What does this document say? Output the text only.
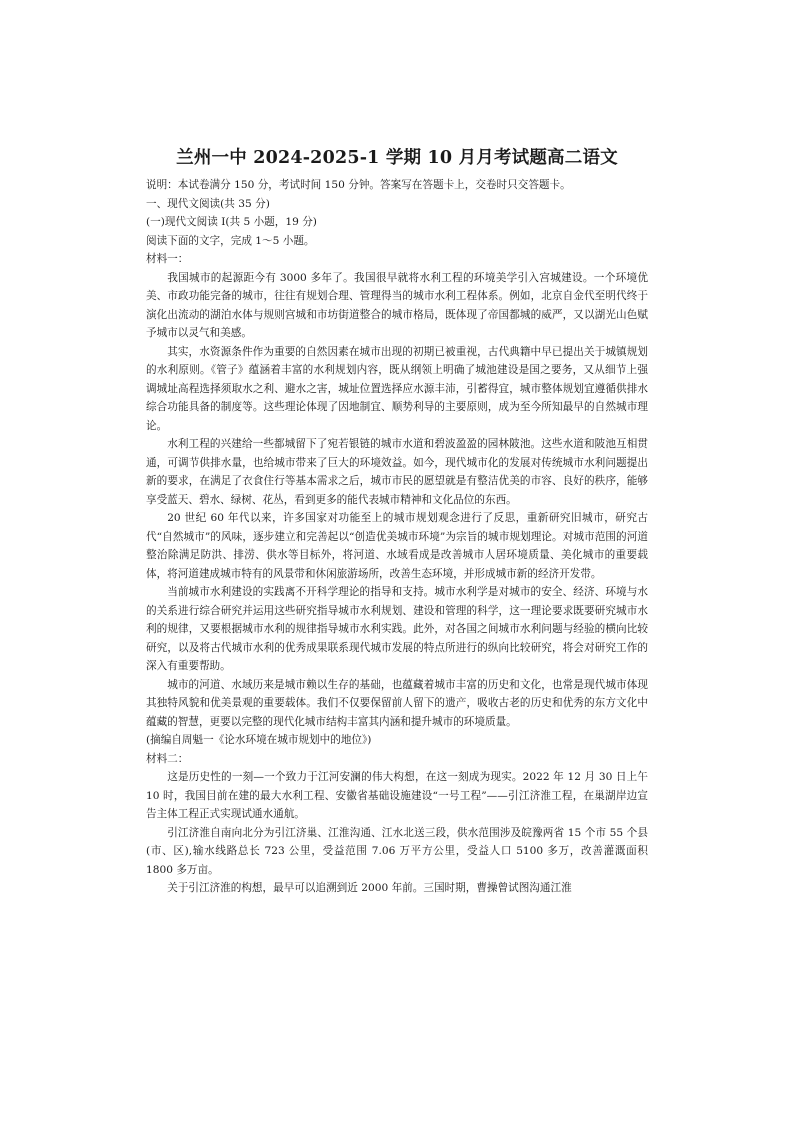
兰州一中 2024-2025-1 学期 10 月月考试题高二语文

说明：本试卷满分 150 分，考试时间 150 分钟。答案写在答题卡上，交卷时只交答题卡。

一、现代文阅读(共 35 分)

(一)现代文阅读 I(共 5 小题，19 分)

阅读下面的文字，完成 1～5 小题。

材料一：

我国城市的起源距今有 3000 多年了。我国很早就将水利工程的环境美学引入宫城建设。一个环境优美、市政功能完备的城市，往往有规划合理、管理得当的城市水利工程体系。例如，北京自金代至明代终于演化出流动的湖泊水体与规则宫城和市坊街道整合的城市格局，既体现了帝国都城的威严，又以湖光山色赋予城市以灵气和美感。

其实，水资源条件作为重要的自然因素在城市出现的初期已被重视，古代典籍中早已提出关于城镇规划的水利原则。《管子》蕴涵着丰富的水利规划内容，既从纲领上明确了城池建设是国之要务，又从细节上强调城址高程选择须取水之利、避水之害，城址位置选择应水源丰沛，引蓄得宜，城市整体规划宜遵循供排水综合功能具备的制度等。这些理论体现了因地制宜、顺势利导的主要原则，成为至今所知最早的自然城市理论。

水利工程的兴建给一些都城留下了宛若银链的城市水道和碧波盈盈的园林陂池。这些水道和陂池互相贯通，可调节供排水量，也给城市带来了巨大的环境效益。如今，现代城市化的发展对传统城市水利问题提出新的要求，在满足了衣食住行等基本需求之后，城市市民的愿望就是有整洁优美的市容、良好的秩序，能够享受蓝天、碧水、绿树、花丛，看到更多的能代表城市精神和文化品位的东西。

20 世纪 60 年代以来，许多国家对功能至上的城市规划观念进行了反思，重新研究旧城市，研究古代“自然城市”的风味，逐步建立和完善起以“创造优美城市环境”为宗旨的城市规划理论。对城市范围的河道整治除满足防洪、排涝、供水等目标外，将河道、水域看成是改善城市人居环境质量、美化城市的重要载体，将河道建成城市特有的风景带和休闲旅游场所，改善生态环境，并形成城市新的经济开发带。

当前城市水利建设的实践离不开科学理论的指导和支持。城市水利学是对城市的安全、经济、环境与水的关系进行综合研究并运用这些研究指导城市水利规划、建设和管理的科学，这一理论要求既要研究城市水利的规律，又要根据城市水利的规律指导城市水利实践。此外，对各国之间城市水利问题与经验的横向比较研究，以及将古代城市水利的优秀成果联系现代城市发展的特点所进行的纵向比较研究，将会对研究工作的深入有重要帮助。

城市的河道、水域历来是城市赖以生存的基础，也蕴藏着城市丰富的历史和文化，也常是现代城市体现其独特风貌和优美景观的重要载体。我们不仅要保留前人留下的遗产，吸收古老的历史和优秀的东方文化中蕴藏的智慧，更要以完整的现代化城市结构丰富其内涵和提升城市的环境质量。

(摘编自周魁一《论水环境在城市规划中的地位》)

材料二：

这是历史性的一刻—一个致力于江河安澜的伟大构想，在这一刻成为现实。2022 年 12 月 30 日上午 10 时，我国目前在建的最大水利工程、安徽省基础设施建设“一号工程”——引江济淮工程，在巢湖岸边宣告主体工程正式实现试通水通航。

引江济淮自南向北分为引江济巢、江淮沟通、江水北送三段，供水范围涉及皖豫两省 15 个市 55 个县(市、区),输水线路总长 723 公里，受益范围 7.06 万平方公里，受益人口 5100 多万，改善灌溉面积 1800 多万亩。

关于引江济淮的构想，最早可以追溯到近 2000 年前。三国时期，曹操曾试图沟通江淮
